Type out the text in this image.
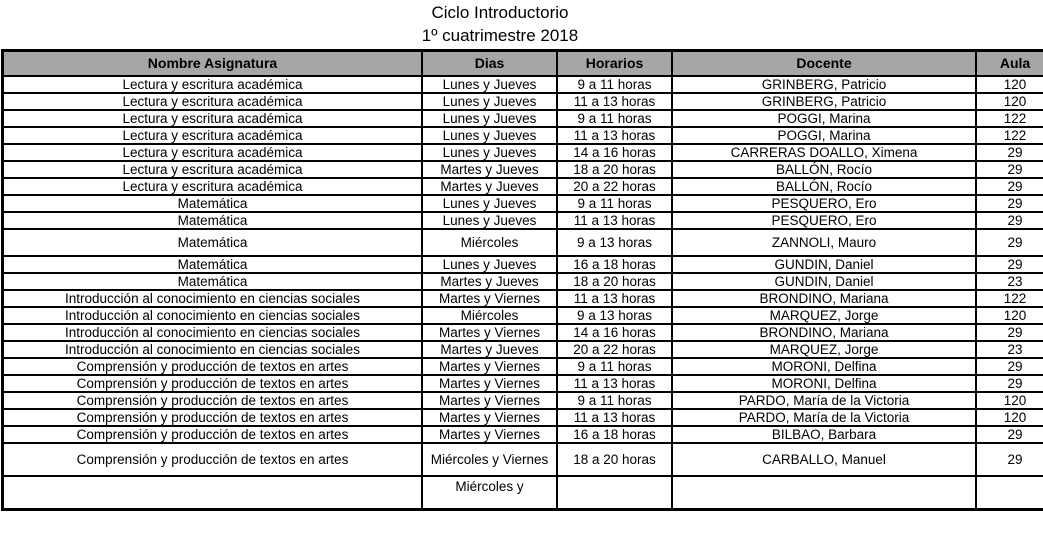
Ciclo Introductorio
1º cuatrimestre 2018
Nombre Asignatura	Dias	Horarios	Docente	Aula
Lectura y escritura académica	Lunes y Jueves	9 a 11 horas	GRINBERG, Patricio	120
Lectura y escritura académica	Lunes y Jueves	11 a 13 horas	GRINBERG, Patricio	120
Lectura y escritura académica	Lunes y Jueves	9 a 11 horas	POGGI, Marina	122
Lectura y escritura académica	Lunes y Jueves	11 a 13 horas	POGGI, Marina	122
Lectura y escritura académica	Lunes y Jueves	14 a 16 horas	CARRERAS DOALLO, Ximena	29
Lectura y escritura académica	Martes y Jueves	18 a 20 horas	BALLÓN, Rocío	29
Lectura y escritura académica	Martes y Jueves	20 a 22 horas	BALLÓN, Rocío	29
Matemática	Lunes y Jueves	9 a 11 horas	PESQUERO, Ero	29
Matemática	Lunes y Jueves	11 a 13 horas	PESQUERO, Ero	29
Matemática	Miércoles	9 a 13 horas	ZANNOLI, Mauro	29
Matemática	Lunes y Jueves	16 a 18 horas	GUNDIN, Daniel	29
Matemática	Martes y Jueves	18 a 20 horas	GUNDIN, Daniel	23
Introducción al conocimiento en ciencias sociales	Martes y Viernes	11 a 13 horas	BRONDINO, Mariana	122
Introducción al conocimiento en ciencias sociales	Miércoles	9 a 13 horas	MARQUEZ, Jorge	120
Introducción al conocimiento en ciencias sociales	Martes y Viernes	14 a 16 horas	BRONDINO, Mariana	29
Introducción al conocimiento en ciencias sociales	Martes y Jueves	20 a 22 horas	MARQUEZ, Jorge	23
Comprensión y producción de textos en artes	Martes y Viernes	9 a 11 horas	MORONI, Delfina	29
Comprensión y producción de textos en artes	Martes y Viernes	11 a 13 horas	MORONI, Delfina	29
Comprensión y producción de textos en artes	Martes y Viernes	9 a 11 horas	PARDO, María de la Victoria	120
Comprensión y producción de textos en artes	Martes y Viernes	11 a 13 horas	PARDO, María de la Victoria	120
Comprensión y producción de textos en artes	Martes y Viernes	16 a 18 horas	BILBAO, Barbara	29
Comprensión y producción de textos en artes	Miércoles y Viernes	18 a 20 horas	CARBALLO, Manuel	29
	Miércoles y			
